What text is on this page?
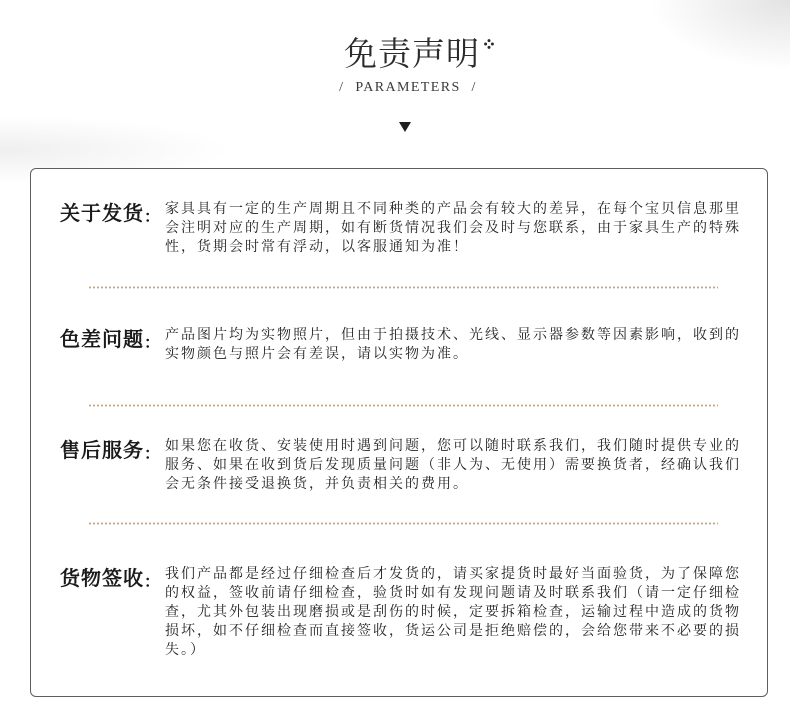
免责声明
/ PARAMETERS /
关于发货： 家具具有一定的生产周期且不同种类的产品会有较大的差异，在每个宝贝信息那里
会注明对应的生产周期，如有断货情况我们会及时与您联系，由于家具生产的特殊
性，货期会时常有浮动，以客服通知为准！
色差问题： 产品图片均为实物照片，但由于拍摄技术、光线、显示器参数等因素影响，收到的
实物颜色与照片会有差误，请以实物为准。
售后服务： 如果您在收货、安装使用时遇到问题，您可以随时联系我们，我们随时提供专业的
服务、如果在收到货后发现质量问题（非人为、无使用）需要换货者，经确认我们
会无条件接受退换货，并负责相关的费用。
货物签收： 我们产品都是经过仔细检查后才发货的，请买家提货时最好当面验货，为了保障您
的权益，签收前请仔细检查，验货时如有发现问题请及时联系我们（请一定仔细检
查，尤其外包装出现磨损或是刮伤的时候，定要拆箱检查，运输过程中造成的货物
损坏，如不仔细检查而直接签收，货运公司是拒绝赔偿的，会给您带来不必要的损
失。）
